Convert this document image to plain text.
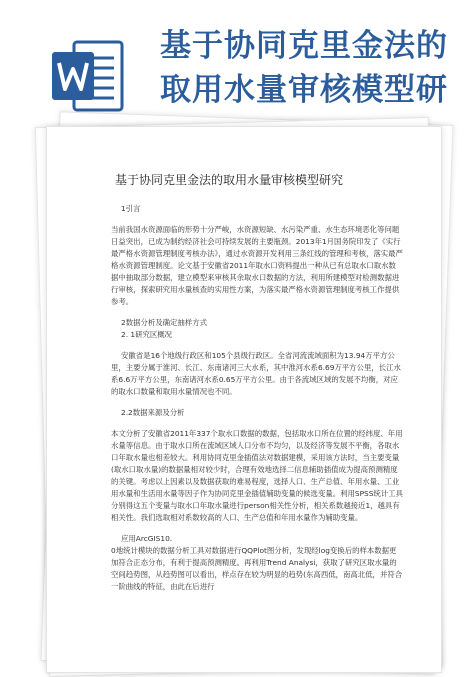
基于协同克里金法的取用水量审核模型研
基于协同克里金法的取用水量审核模型研究

1引言

当前我国水资源面临的形势十分严峻，水资源短缺、水污染严重、水生态环境恶化等问题日益突出，已成为制约经济社会可持续发展的主要瓶颈。2013年1月国务院印发了《实行最严格水资源管理制度考核办法》，通过水资源开发利用三条红线的管理和考核，落实最严格水资源管理制度。论文基于安徽省2011年取水口资料提出一种从已有总取水口取水数据中抽取部分数据，建立模型来审核其余取水口数据的方法，利用所建模型对检测数据进行审核，探索研究用水量核查的实用性方案，为落实最严格水资源管理制度考核工作提供参考。

2数据分析及确定抽样方式

2. 1研究区概况

安徽省是16个地级行政区和105个县级行政区。全省河流流域面积为13.94万平方公里，主要分属于淮河、长江、东南诸河三大水系，其中淮河水系6.69万平方公里，长江水系6.6万平方公里，东南诸河水系0.65万平方公里。由于各流域区域的发展不均衡，对应的取水口数量和取用水量情况也不同。

2.2数据来源及分析

本文分析了安徽省2011年337个取水口数据的数据，包括取水口所在位置的经纬度、年用水量等信息。由于取水口所在流域区域人口分布不均匀，以及经济等发展不平衡，各取水口年取水量也相差较大。利用协同克里金插值法对数据建模，采用该方法时，当主要变量(取水口取水量)的数据量相对较少时，合理有效地选择二信息辅助插值成为提高预测精度的关键。考虑以上因素以及数据获取的难易程度，选择人口、生产总值、年用水量、工业用水量和生活用水量等因子作为协同克里金插值辅助变量的候选变量。利用SPSS统计工具分别得这五个变量与取水口年取水量进行person相关性分析，相关系数越接近1，越具有相关性。我们选取相对系数较高的人口、生产总值和年用水量作为辅助变量。

应用ArcGIS10.

0地统计模块的数据分析工具对数据进行QQPlot图分析，发现经log变换后的样本数据更加符合正态分布，有利于提高预测精度。再利用Trend Analysi，获取了研究区取水量的空间趋势图，从趋势图可以看出，样点存在较为明显的趋势(东高西低，南高北低，并符合一阶曲线的特征，由此在后进行
